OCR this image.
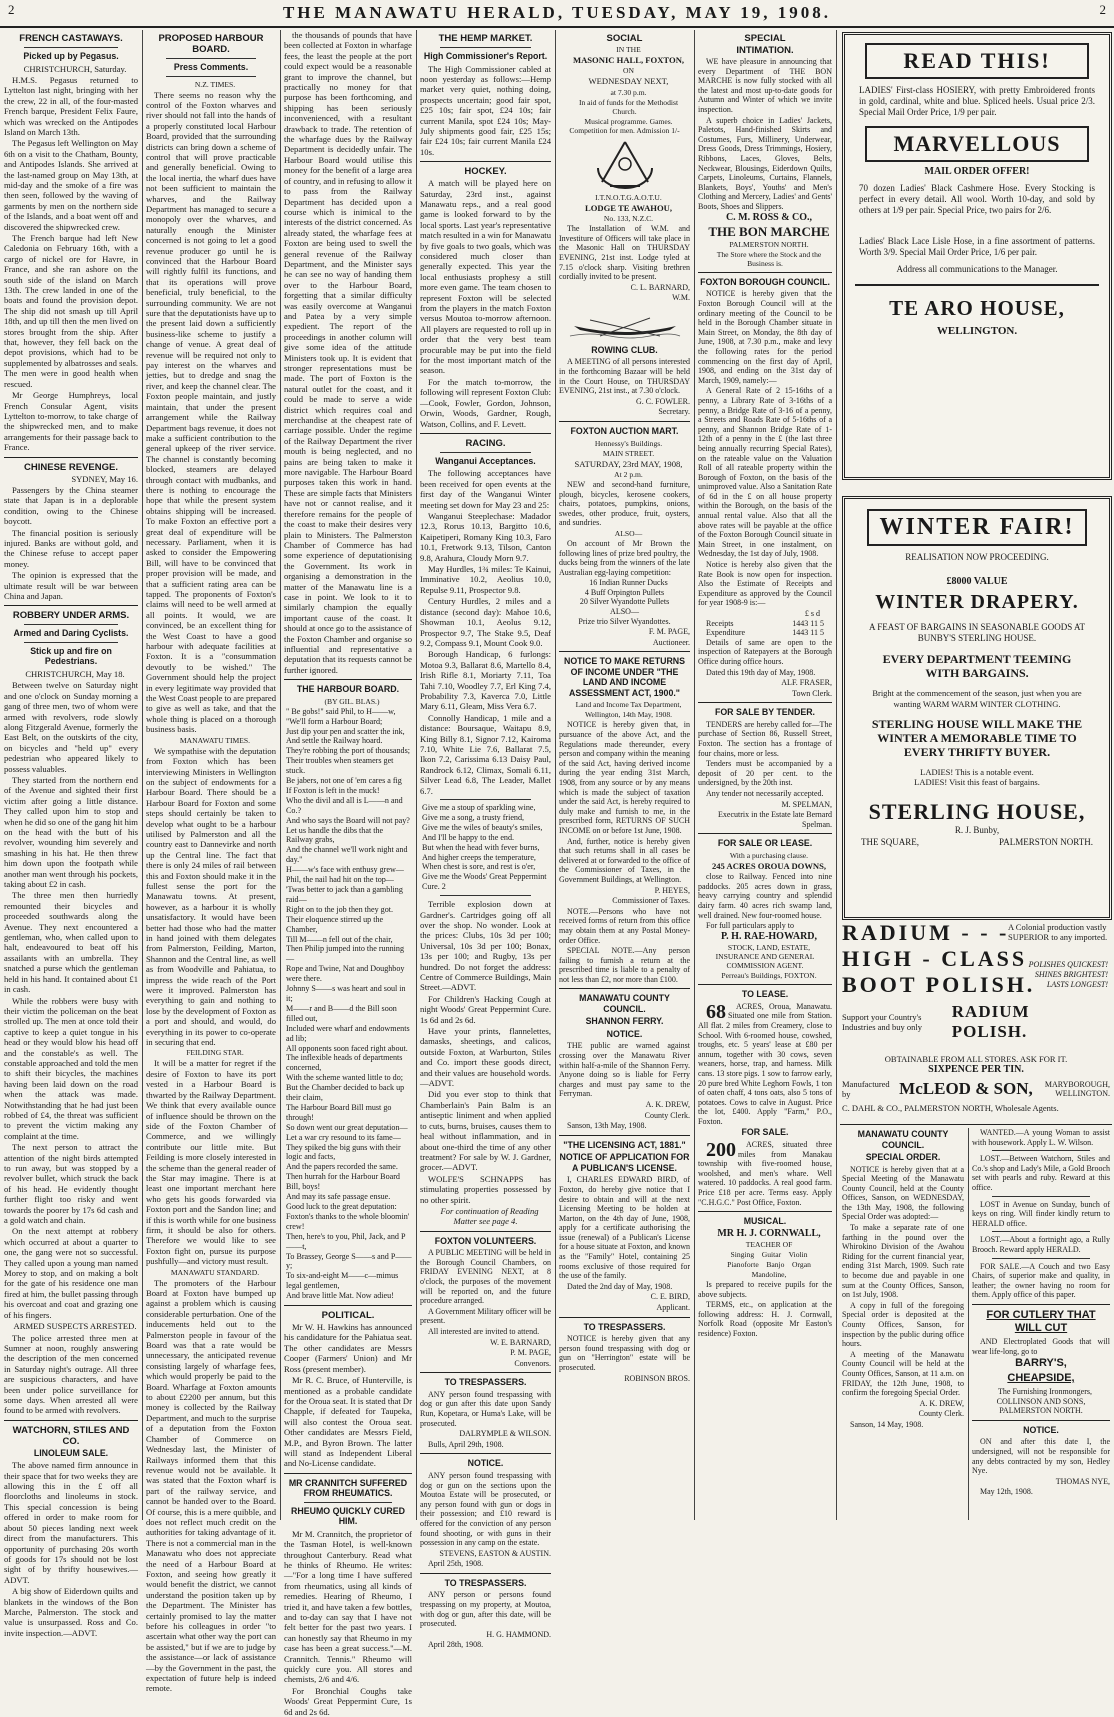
2	THE MANAWATU HERALD, TUESDAY, MAY 19, 1908.	2
FRENCH CASTAWAYS.
Picked up by Pegasus.

CHRISTCHURCH, Saturday.

H.M.S. Pegasus returned to Lyttelton last night, bringing with her the crew, 22 in all, of the four-masted French barque, President Felix Faure, which was wrecked on the Antipodes Island on March 13th.

The Pegasus left Wellington on May 6th on a visit to the Chatham, Bounty, and Antipodes Islands. She arrived at the last-named group on May 13th, at mid-day and the smoke of a fire was then seen, followed by the waving of garments by men on the northern side of the Islands, and a boat went off and discovered the shipwrecked crew.

The French barque had left New Caledonia on February 16th, with a cargo of nickel ore for Havre, in France, and she ran ashore on the south side of the island on March 13th. The crew landed in one of the boats and found the provision depot. The ship did not smash up till April 18th, and up till then the men lived on stores brought from the ship. After that, however, they fell back on the depot provisions, which had to be supplemented by albatrosses and seals. The men were in good health when rescued.

Mr George Humphreys, local French Consular Agent, visits Lyttelton to-morrow, to take charge of the shipwrecked men, and to make arrangements for their passage back to France.

CHINESE REVENGE.

SYDNEY, May 16.

Passengers by the China steamer state that Japan is in a deplorable condition, owing to the Chinese boycott.

The financial position is seriously injured. Banks are without gold, and the Chinese refuse to accept paper money.

The opinion is expressed that the ultimate result will be war between China and Japan.

ROBBERY UNDER ARMS.
Armed and Daring Cyclists.
Stick up and fire on Pedestrians.

CHRISTCHURCH, May 18.

Between twelve on Saturday night and one o'clock on Sunday morning a gang of three men, two of whom were armed with revolvers, rode slowly along Fitzgerald Avenue, formerly the East Belt, on the outskirts of the city, on bicycles and "held up" every pedestrian who appeared likely to possess valuables.

They started from the northern end of the Avenue and sighted their first victim after going a little distance. They called upon him to stop and when he did so one of the gang hit him on the head with the butt of his revolver, wounding him severely and smashing in his hat. He then threw him down upon the footpath while another man went through his pockets, taking about £2 in cash.

The three men then hurriedly remounted their bicycles and proceeded southwards along the Avenue. They next encountered a gentleman, who, when called upon to halt, endeavoured to beat off his assailants with an umbrella. They snatched a purse which the gentleman held in his hand. It contained about £1 in cash.

While the robbers were busy with their victim the policeman on the beat strolled up. The men at once told their captive to keep a quiet tongue in his head or they would blow his head off and the constable's as well. The constable approached and told the men to shift their bicycles, the machines having been laid down on the road when the attack was made. Notwithstanding that he had just been robbed of £4, the threat was sufficient to prevent the victim making any complaint at the time.

The next person to attract the attention of the night birds attempted to run away, but was stopped by a revolver bullet, which struck the back of his head. He evidently thought further flight too risky and went towards the poorer by 17s 6d cash and a gold watch and chain.

On the next attempt at robbery which occurred at about a quarter to one, the gang were not so successful. They called upon a young man named Morey to stop, and on making a bolt for the gate of his residence one man fired at him, the bullet passing through his overcoat and coat and grazing one of his fingers.

ARMED SUSPECTS ARRESTED.

The police arrested three men at Sumner at noon, roughly answering the description of the men concerned in Saturday night's outrage. All three are suspicious characters, and have been under police surveillance for some days. When arrested all were found to be armed with revolvers.

WATCHORN, STILES AND CO.
LINOLEUM SALE.

The above named firm announce in their space that for two weeks they are allowing this in the £ off all floorcloths and linoleums in stock. This special concession is being offered in order to make room for about 50 pieces landing next week direct from the manufacturers. This opportunity of purchasing 20s worth of goods for 17s should not be lost sight of by thrifty housewives.—ADVT.

A big show of Eiderdown quilts and blankets in the windows of the Bon Marche, Palmerston. The stock and value is unsurpassed. Ross and Co. invite inspection.—ADVT.

PROPOSED HARBOUR BOARD.
Press Comments.

N.Z. TIMES.

There seems no reason why the control of the Foxton wharves and river should not fall into the hands of a properly constituted local Harbour Board, provided that the surrounding districts can bring down a scheme of control that will prove practicable and generally beneficial. Owing to the local inertia, the wharf dues have not been sufficient to maintain the wharves, and the Railway Department has managed to secure a monopoly over the wharves, and naturally enough the Minister concerned is not going to let a good revenue producer go until he is convinced that the Harbour Board will rightly fulfil its functions, and that its operations will prove beneficial, truly beneficial, to the surrounding community. We are not sure that the deputationists have up to the present laid down a sufficiently business-like scheme to justify a change of venue. A great deal of revenue will be required not only to pay interest on the wharves and jetties, but to dredge and snag the river, and keep the channel clear. The Foxton people maintain, and justly maintain, that under the present arrangement while the Railway Department bags revenue, it does not make a sufficient contribution to the general upkeep of the river service. The channel is constantly becoming blocked, steamers are delayed through contact with mudbanks, and there is nothing to encourage the hope that while the present system obtains shipping will be increased. To make Foxton an effective port a great deal of expenditure will be necessary. Parliament, when it is asked to consider the Empowering Bill, will have to be convinced that proper provision will be made, and that a sufficient rating area can be tapped. The proponents of Foxton's claims will need to be well armed at all points. It would, we are convinced, be an excellent thing for the West Coast to have a good harbour with adequate facilities at Foxton. It is a "consummation devoutly to be wished." The Government should help the project in every legitimate way provided that the West Coast people to are prepared to give as well as take, and that the whole thing is placed on a thorough business basis.

MANAWATU TIMES.

We sympathise with the deputation from Foxton which has been interviewing Ministers in Wellington on the subject of endowments for a Harbour Board. There should be a Harbour Board for Foxton and some steps should certainly be taken to develop what ought to be a harbour utilised by Palmerston and all the country east to Dannevirke and north up the Central line. The fact that there is only 24 miles of rail between this and Foxton should make it in the fullest sense the port for the Manawatu towns. At present, however, as a harbour it is wholly unsatisfactory. It would have been better had those who had the matter in hand joined with them delegates from Palmerston, Feilding, Marton, Shannon and the Central line, as well as from Woodville and Pahiatua, to impress the wide reach of the Port were it improved. Palmerston has everything to gain and nothing to lose by the development of Foxton as a port and should, and would, do everything in its power to co-operate in securing that end.

FEILDING STAR.

It will be a matter for regret if the desire of Foxton to have its port vested in a Harbour Board is thwarted by the Railway Department. We think that every available ounce of influence should be thrown on the side of the Foxton Chamber of Commerce, and we willingly contribute our little mite. But Feilding is more closely interested in the scheme than the general reader of the Star may imagine. There is at least one important merchant here who gets his goods forwarded via Foxton port and the Sandon line; and if this is worth while for one business firm, it should be also for others. Therefore we would like to see Foxton fight on, pursue its purpose pushfully—and victory must result.

MANAWATU STANDARD.

The promoters of the Harbour Board at Foxton have bumped up against a problem which is causing considerable perturbation. One of the inducements held out to the Palmerston people in favour of the Board was that a rate would be unnecessary, the anticipated revenue consisting largely of wharfage fees, which would properly be paid to the Board. Wharfage at Foxton amounts to about £2200 per annum, but this money is collected by the Railway Department, and much to the surprise of a deputation from the Foxton Chamber of Commerce on Wednesday last, the Minister of Railways informed them that this revenue would not be available. It was stated that the Foxton wharf is part of the railway service, and cannot be handed over to the Board. Of course, this is a mere quibble, and does not reflect much credit on the authorities for taking advantage of it. There is not a commercial man in the Manawatu who does not appreciate the need of a Harbour Board at Foxton, and seeing how greatly it would benefit the district, we cannot understand the position taken up by the Department. The Minister has certainly promised to lay the matter before his colleagues in order "to ascertain what other way the port can be assisted," but if we are to judge by the assistance—or lack of assistance—by the Government in the past, the expectation of future help is indeed remote.

the thousands of pounds that have been collected at Foxton in wharfage fees, the least the people at the port could expect would be a reasonable grant to improve the channel, but practically no money for that purpose has been forthcoming, and shipping has been seriously inconvenienced, with a resultant drawback to trade. The retention of the wharfage dues by the Railway Department is decidedly unfair. The Harbour Board would utilise this money for the benefit of a large area of country, and in refusing to allow it to pass from the Railway Department has decided upon a course which is inimical to the interests of the district concerned. As already stated, the wharfage fees at Foxton are being used to swell the general revenue of the Railway Department, and the Minister says he can see no way of handing them over to the Harbour Board, forgetting that a similar difficulty was easily overcome at Wanganui and Patea by a very simple expedient. The report of the proceedings in another column will give some idea of the attitude Ministers took up. It is evident that stronger representations must be made. The port of Foxton is the natural outlet for the coast, and it could be made to serve a wide district which requires coal and merchandise at the cheapest rate of carriage possible. Under the regime of the Railway Department the river mouth is being neglected, and no pains are being taken to make it more navigable. The Harbour Board purposes taken this work in hand. These are simple facts that Ministers have not or cannot realise, and it therefore remains for the people of the coast to make their desires very plain to Ministers. The Palmerston Chamber of Commerce has had some experience of deputationising the Government. Its work in organising a demonstration in the matter of the Manawatu line is a case in point. We look to it to similarly champion the equally important cause of the coast. It should at once go to the assistance of the Foxton Chamber and organise so influential and representative a deputation that its requests cannot be further ignored.

THE HARBOUR BOARD.

(BY GIL. BLAS.)

" Be gobs!" said Phil, to H——w,
"We'll form a Harbour Board;
Just dip your pen and scatter the ink,
And settle the Railway hoard.
They're robbing the port of thousands;
Their troubles when steamers get stuck.
Be jabers, not one of 'em cares a fig
If Foxton is left in the muck!
Who the divil and all is L——n and Co.?
And who says the Board will not pay?
Let us handle the dibs that the Railway grabs,
And the channel we'll work night and day."
H——w's face with enthusy grew—
Phil, the nail had hit on the top—
'Twas better to jack than a gambling raid—
Right on to the job then they got.
Their eloquence stirred up the Chamber,
Till M——n fell out of the chair,
Then Philip jumped into the running—
Rope and Twine, Nat and Doughboy were there.
Johnny S——s was heart and soul in it;
M——r and B——d the Bill soon filled out,
Included were wharf and endowments ad lib;
All opponents soon faced right about.
The inflexible heads of departments concerned,
With the scheme wanted little to do;
But the Chamber decided to back up their claim,
The Harbour Board Bill must go through!
So down went our great deputation—
Let a war cry resound to its fame—
They spiked the big guns with their logic and facts,
And the papers recorded the same.
Then hurrah for the Harbour Board Bill, boys!
And may its safe passage ensue.
Good luck to the great deputation:
Foxton's thanks to the whole bloomin' crew!
Then, here's to you, Phil, Jack, and P——t,
To Brassey, George S——s and P——y;
To six-and-eight M——c—mimus legal gentlemen,
And brave little Mat. Now adieu!
POLITICAL.

Mr W. H. Hawkins has announced his candidature for the Pahiatua seat. The other candidates are Messrs Cooper (Farmers' Union) and Mr Ross (present member).

Mr R. C. Bruce, of Hunterville, is mentioned as a probable candidate for the Oroua seat. It is stated that Dr Chapple, if defeated for Taupeka, will also contest the Oroua seat. Other candidates are Messrs Field, M.P., and Byron Brown. The latter will stand as Independent Liberal and No-License candidate.

MR CRANNITCH SUFFERED FROM RHEUMATICS.
RHEUMO QUICKLY CURED HIM.

Mr M. Crannitch, the proprietor of the Tasman Hotel, is well-known throughout Canterbury. Read what he thinks of Rheumo. He writes:—"For a long time I have suffered from rheumatics, using all kinds of remedies. Hearing of Rheumo, I tried it, and have taken a few bottles, and to-day can say that I have not felt better for the past two years. I can honestly say that Rheumo in my case has been a great success."—M. Crannitch. Tennis." Rheumo will quickly cure you. All stores and chemists, 2/6 and 4/6.

For Bronchial Coughs take Woods' Great Peppermint Cure, 1s 6d and 2s 6d.

THE HEMP MARKET.
High Commissioner's Report.

The High Commissioner cabled at noon yesterday as follows:—Hemp market very quiet, nothing doing, prospects uncertain; good fair spot, £25 10s; fair spot, £24 10s; fair current Manila, spot £24 10s; May-July shipments good fair, £25 15s; fair £24 10s; fair current Manila £24 10s.

HOCKEY.

A match will be played here on Saturday, 23rd inst., against Manawatu reps., and a real good game is looked forward to by the local sports. Last year's representative match resulted in a win for Manawatu by five goals to two goals, which was considered much closer than generally expected. This year the local enthusiasts prophesy a still more even game. The team chosen to represent Foxton will be selected from the players in the match Foxton versus Moutoa to-morrow afternoon. All players are requested to roll up in order that the very best team procurable may be put into the field for the most important match of the season.

For the match to-morrow, the following will represent Foxton Club:—Cook, Fowler, Gordon, Johnson, Orwin, Woods, Gardner, Rough, Watson, Collins, and F. Levett.

RACING.
Wanganui Acceptances.

The following acceptances have been received for open events at the first day of the Wanganui Winter meeting set down for May 23 and 25:

Wanganui Steeplechase: Madador 12.3, Rorus 10.13, Bargitto 10.6, Kaipetiperi, Romany King 10.3, Faro 10.1, Fretwork 9.13, Tilson, Canton 9.8, Arahura, Cloudy Morn 9.7.

May Hurdles, 1¾ miles: Te Kainui, Imminative 10.2, Aeolius 10.0, Repulse 9.11, Prospector 9.8.

Century Hurdles, 2 miles and a distance (second day): Mahoe 10.6, Showman 10.1, Aeolus 9.12, Prospector 9.7, The Stake 9.5, Deaf 9.2, Compass 9.1, Mount Cook 9.0.

Borough Handicap, 6 furlongs: Motoa 9.3, Ballarat 8.6, Martello 8.4, Irish Rifle 8.1, Moriarty 7.11, Toa Tahi 7.10, Woodley 7.7, Erl King 7.4, Probability 7.3, Kaverca 7.0, Little Mary 6.11, Gleam, Miss Vera 6.7.

Connolly Handicap, 1 mile and a distance: Boursaque, Waitapu 8.9, King Billy 8.1, Signor 7.12, Kairoma 7.10, White Lie 7.6, Ballarat 7.5, Ikon 7.2, Carissima 6.13 Daisy Paul, Randrock 6.12, Climax, Somali 6.11, Silver Lead 6.8, The Leader, Mallet 6.7.

Give me a stoup of sparkling wine,
Give me a song, a trusty friend,
Give me the wiles of beauty's smiles,
And I'll be happy to the end.
But when the head with fever burns,
And higher creeps the temperature,
When chest is sore, and rest is o'er,
Give me the Woods' Great Peppermint Cure. 2

Terrible explosion down at Gardner's. Cartridges going off all over the shop. No wonder. Look at the prices: Clubs, 10s 3d per 100; Universal, 10s 3d per 100; Bonax, 13s per 100; and Rugby, 13s per hundred. Do not forget the address: Centre of Commerce Buildings, Main Street.—ADVT.

For Children's Hacking Cough at night Woods' Great Peppermint Cure. 1s 6d and 2s 6d.

Have your prints, flannelettes, damasks, sheetings, and calicos, outside Foxton, at Warburton, Stiles and Co. import these goods direct, and their values are household words.—ADVT.

Did you ever stop to think that Chamberlain's Pain Balm is an antiseptic liniment and when applied to cuts, burns, bruises, causes them to heal without inflammation, and in about one-third the time of any other treatment? For sale by W. J. Gardner, grocer.—ADVT.

WOLFE'S SCHNAPPS has stimulating properties possessed by no other spirit.

For continuation of Reading Matter see page 4.

FOXTON VOLUNTEERS.

A PUBLIC MEETING will be held in the Borough Council Chambers, on FRIDAY EVENING NEXT, at 8 o'clock, the purposes of the movement will be reported on, and the future procedure arranged.

A Government Military officer will be present.

All interested are invited to attend.

W. E. BARNARD,

P. M. PAGE,

Convenors.

TO TRESPASSERS.

ANY person found trespassing with dog or gun after this date upon Sandy Run, Kopetara, or Huma's Lake, will be prosecuted.

DALRYMPLE & WILSON.

Bulls, April 29th, 1908.

NOTICE.

ANY person found trespassing with dog or gun on the sections upon the Moutoa Estate will be prosecuted, or any person found with gun or dogs in their possession; and £10 reward is offered for the conviction of any person found shooting, or with guns in their possession in any camp on the estate.

STEVENS, EASTON & AUSTIN.

April 25th, 1908.

TO TRESPASSERS.

ANY person or persons found trespassing on my property, at Moutoa, with dog or gun, after this date, will be prosecuted.

H. G. HAMMOND.

April 28th, 1908.

SOCIAL

IN THE

MASONIC HALL, FOXTON,

ON

WEDNESDAY NEXT,

at 7.30 p.m.

In aid of funds for the Methodist Church.

Musical programme. Games. Competition for men. Admission 1/-

I.T.N.O.T.G.A.O.T.U.

LODGE TE AWAHOU,

No. 133, N.Z.C.

The Installation of W.M. and Investiture of Officers will take place in the Masonic Hall on THURSDAY EVENING, 21st inst. Lodge tyled at 7.15 o'clock sharp. Visiting brethren cordially invited to be present.

C. L. BARNARD,

W.M.

ROWING CLUB.

A MEETING of all persons interested in the forthcoming Bazaar will be held in the Court House, on THURSDAY EVENING, 21st inst., at 7.30 o'clock.

G. C. FOWLER.

Secretary.

FOXTON AUCTION MART.

Hennessy's Buildings.

MAIN STREET.

SATURDAY, 23rd MAY, 1908,

At 2 p.m.

NEW and second-hand furniture, plough, bicycles, kerosene cookers, chairs, potatoes, pumpkins, onions, swedes, other produce, fruit, oysters, and sundries.

ALSO—

On account of Mr Brown the following lines of prize bred poultry, the ducks being from the winners of the late Australian egg-laying competition:

16 Indian Runner Ducks
4 Buff Orpington Pullets
20 Silver Wyandotte Pullets
ALSO—
Prize trio Silver Wyandottes.

F. M. PAGE,

Auctioneer.

NOTICE TO MAKE RETURNS OF INCOME UNDER "THE LAND AND INCOME ASSESSMENT ACT, 1900."

Land and Income Tax Department,

Wellington, 14th May, 1908.

NOTICE is hereby given that, in pursuance of the above Act, and the Regulations made thereunder, every person and company within the meaning of the said Act, having derived income during the year ending 31st March, 1908, from any source or by any means which is made the subject of taxation under the said Act, is hereby required to duly make and furnish to me, in the prescribed form, RETURNS OF SUCH INCOME on or before 1st June, 1908.

And, further, notice is hereby given that such returns shall in all cases be delivered at or forwarded to the office of the Commissioner of Taxes, in the Government Buildings, at Wellington.

P. HEYES,

Commissioner of Taxes.

NOTE.—Persons who have not received forms of return from this office may obtain them at any Postal Money-order Office.

SPECIAL NOTE.—Any person failing to furnish a return at the prescribed time is liable to a penalty of not less than £2, nor more than £100.

MANAWATU COUNTY COUNCIL.
SHANNON FERRY.
NOTICE.

THE public are warned against crossing over the Manawatu River within half-a-mile of the Shannon Ferry. Anyone doing so is liable for Ferry charges and must pay same to the Ferryman.

A. K. DREW,

County Clerk.

Sanson, 13th May, 1908.

"THE LICENSING ACT, 1881."
NOTICE OF APPLICATION FOR A PUBLICAN'S LICENSE.

I, CHARLES EDWARD BIRD, of Foxton, do hereby give notice that I desire to obtain and will at the next Licensing Meeting to be holden at Marton, on the 4th day of June, 1908, apply for a certificate authorising the issue (renewal) of a Publican's License for a house situate at Foxton, and known as the "Family" Hotel, containing 25 rooms exclusive of those required for the use of the family.

Dated the 2nd day of May, 1908.

C. E. BIRD,

Applicant.

TO TRESPASSERS.

NOTICE is hereby given that any person found trespassing with dog or gun on "Herrington" estate will be prosecuted.

ROBINSON BROS.

SPECIAL
INTIMATION.

WE have pleasure in announcing that every Department of THE BON MARCHE is now fully stocked with all the latest and most up-to-date goods for Autumn and Winter of which we invite inspection.

A superb choice in Ladies' Jackets, Paletots, Hand-finished Skirts and Costumes, Furs, Millinery, Underwear, Dress Goods, Dress Trimmings, Hosiery, Ribbons, Laces, Gloves, Belts, Neckwear, Blousings, Eiderdown Quilts, Carpets, Linoleums, Curtains, Flannels, Blankets, Boys', Youths' and Men's Clothing and Mercery, Ladies' and Gents' Boots, Shoes and Slippers.

C. M. ROSS & CO.,

THE BON MARCHE

PALMERSTON NORTH.

The Store where the Stock and the Business is.

FOXTON BOROUGH COUNCIL.

NOTICE is hereby given that the Foxton Borough Council will at the ordinary meeting of the Council to be held in the Borough Chamber situate in Main Street, on Monday, the 8th day of June, 1908, at 7.30 p.m., make and levy the following rates for the period commencing on the first day of April, 1908, and ending on the 31st day of March, 1909, namely:—

A General Rate of 2 15-16ths of a penny, a Library Rate of 3-16ths of a penny, a Bridge Rate of 3-16 of a penny, a Streets and Roads Rate of 5-16ths of a penny, and Shannon Bridge Rate of 1-12th of a penny in the £ (the last three being annually recurring Special Rates), on the rateable value on the Valuation Roll of all rateable property within the Borough of Foxton, on the basis of the unimproved value. Also a Sanitation Rate of 6d in the £ on all house property within the Borough, on the basis of the annual rental value. Also that all the above rates will be payable at the office of the Foxton Borough Council situate in Main Street, in one instalment, on Wednesday, the 1st day of July, 1908.

Notice is hereby also given that the Rate Book is now open for inspection. Also the Estimate of Receipts and Expenditure as approved by the Council for year 1908-9 is:—

£ s d
Receipts	1443 11 5
Expenditure	1443 11 5

Details of same are open to the inspection of Ratepayers at the Borough Office during office hours.

Dated this 19th day of May, 1908.

ALF. FRASER,

Town Clerk.

FOR SALE BY TENDER.

TENDERS are hereby called for—The purchase of Section 86, Russell Street, Foxton. The section has a frontage of four chains, more or less.

Tenders must be accompanied by a deposit of 20 per cent. to the undersigned, by the 20th inst.

Any tender not necessarily accepted.

M. SPELMAN,

Executrix in the Estate late Bernard Spelman.

FOR SALE OR LEASE.

With a purchasing clause.

245 ACRES OROUA DOWNS,

close to Railway. Fenced into nine paddocks. 205 acres down in grass, heavy carrying country and splendid dairy farm. 40 acres rich swamp land, well drained. New four-roomed house.

For full particulars apply to

P. H. RAE-HOWARD,

STOCK, LAND, ESTATE, INSURANCE AND GENERAL COMMISSION AGENT.

Perreau's Buildings, FOXTON.

TO LEASE.

68 ACRES, Oroua, Manawatu. Situated one mile from Station. All flat. 2 miles from Creamery, close to School. With 6-roomed house, cowshed, troughs, etc. 5 years' lease at £80 per annum, together with 30 cows, seven weaners, horse, trap, and harness. Milk cans. 13 store pigs. 1 sow to farrow early, 20 pure bred White Leghorn Fowls, 1 ton of oaten chaff, 4 tons oats, also 5 tons of potatoes. Cows to calve in August. Price the lot, £400. Apply "Farm," P.O., Foxton.

FOR SALE.

200 ACRES, situated three miles from Manakau township with five-roomed house, woolshed, and men's whare. Well watered. 10 paddocks. A real good farm. Price £18 per acre. Terms easy. Apply "C.H.G.C." Post Office, Foxton.

MUSICAL.

MR H. J. CORNWALL,

TEACHER OF

Singing    Guitar    Violin

Pianoforte    Banjo    Organ

Mandoline,

Is prepared to receive pupils for the above subjects.

TERMS, etc., on application at the following address: H. J. Cornwall, Norfolk Road (opposite Mr Easton's residence) Foxton.

READ THIS!
LADIES' First-class HOSIERY, with pretty Embroidered fronts in gold, cardinal, white and blue. Spliced heels. Usual price 2/3. Special Mail Order Price, 1/9 per pair.
MARVELLOUS
MAIL ORDER OFFER!
70 dozen Ladies' Black Cashmere Hose. Every Stocking is perfect in every detail. All wool. Worth 10-day, and sold by others at 1/9 per pair. Special Price, two pairs for 2/6.
Ladies' Black Lace Lisle Hose, in a fine assortment of patterns. Worth 3/9. Special Mail Order Price, 1/6 per pair.
Address all communications to the Manager.
TE ARO HOUSE,
WELLINGTON.
WINTER FAIR!
REALISATION NOW PROCEEDING.
£8000 VALUE
WINTER DRAPERY.
A FEAST OF BARGAINS IN SEASONABLE GOODS AT BUNBY'S STERLING HOUSE.
EVERY DEPARTMENT TEEMING WITH BARGAINS.
Bright at the commencement of the season, just when you are wanting WARM WARM WINTER CLOTHING.
STERLING HOUSE WILL MAKE THE WINTER A MEMORABLE TIME TO EVERY THRIFTY BUYER.
LADIES! This is a notable event.
LADIES! Visit this feast of bargains.
STERLING HOUSE,
R. J. Bunby,
THE SQUARE,	PALMERSTON NORTH.
RADIUM - - -
HIGH - CLASS
BOOT POLISH.
A Colonial production vastly SUPERIOR to any imported.
POLISHES QUICKEST!
SHINES BRIGHTEST!
LASTS LONGEST!
Support your Country's Industries and buy only
RADIUM POLISH.
OBTAINABLE FROM ALL STORES. ASK FOR IT.
SIXPENCE PER TIN.
Manufactured by	McLEOD & SON,	MARYBOROUGH, WELLINGTON.
C. DAHL & CO., PALMERSTON NORTH, Wholesale Agents.
MANAWATU COUNTY COUNCIL.
SPECIAL ORDER.

NOTICE is hereby given that at a Special Meeting of the Manawatu County Council, held at the County Offices, Sanson, on WEDNESDAY, the 13th May, 1908, the following Special Order was adopted:—

To make a separate rate of one farthing in the pound over the Whirokino Division of the Awahou Riding for the current financial year, ending 31st March, 1909. Such rate to become due and payable in one sum at the County Offices, Sanson, on 1st July, 1908.

A copy in full of the foregoing Special order is deposited at the County Offices, Sanson, for inspection by the public during office hours.

A meeting of the Manawatu County Council will be held at the County Offices, Sanson, at 11 a.m. on FRIDAY, the 12th June, 1908, to confirm the foregoing Special Order.

A. K. DREW,

County Clerk.

Sanson, 14 May, 1908.

WANTED.—A young Woman to assist with housework. Apply L. W. Wilson.

LOST.—Between Watchorn, Stiles and Co.'s shop and Lady's Mile, a Gold Brooch set with pearls and ruby. Reward at this office.

LOST in Avenue on Sunday, bunch of keys on ring. Will finder kindly return to HERALD office.

LOST.—About a fortnight ago, a Rully Brooch. Reward apply HERALD.

FOR SALE.—A Couch and two Easy Chairs, of superior make and quality, in leather; the owner having no room for them. Apply office of this paper.

FOR CUTLERY THAT WILL CUT

AND Electroplated Goods that will wear life-long, go to

BARRY'S,
CHEAPSIDE,

The Furnishing Ironmongers, COLLINSON AND SONS, PALMERSTON NORTH.

NOTICE.

ON and after this date I, the undersigned, will not be responsible for any debts contracted by my son, Hedley Nye.

THOMAS NYE,

May 12th, 1908.
